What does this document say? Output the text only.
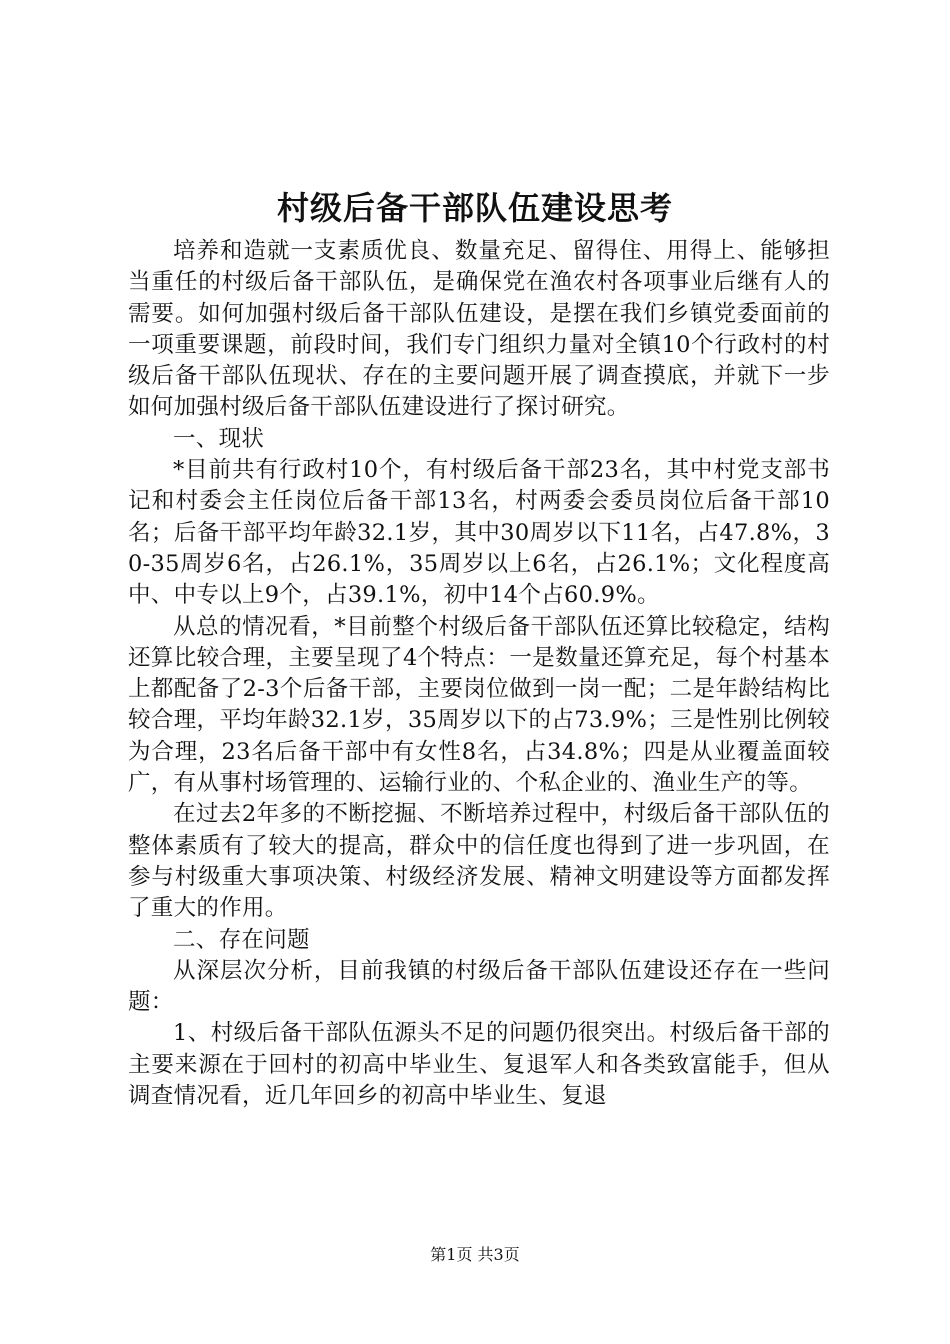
村级后备干部队伍建设思考

培养和造就一支素质优良、数量充足、留得住、用得上、能够担当重任的村级后备干部队伍，是确保党在渔农村各项事业后继有人的需要。如何加强村级后备干部队伍建设，是摆在我们乡镇党委面前的一项重要课题，前段时间，我们专门组织力量对全镇10个行政村的村级后备干部队伍现状、存在的主要问题开展了调查摸底，并就下一步如何加强村级后备干部队伍建设进行了探讨研究。

一、现状

*目前共有行政村10个，有村级后备干部23名，其中村党支部书记和村委会主任岗位后备干部13名，村两委会委员岗位后备干部10名；后备干部平均年龄32.1岁，其中30周岁以下11名，占47.8%，30-35周岁6名，占26.1%，35周岁以上6名，占26.1%；文化程度高中、中专以上9个，占39.1%，初中14个占60.9%。

从总的情况看，*目前整个村级后备干部队伍还算比较稳定，结构还算比较合理，主要呈现了4个特点：一是数量还算充足，每个村基本上都配备了2-3个后备干部，主要岗位做到一岗一配；二是年龄结构比较合理，平均年龄32.1岁，35周岁以下的占73.9%；三是性别比例较为合理，23名后备干部中有女性8名，占34.8%；四是从业覆盖面较广，有从事村场管理的、运输行业的、个私企业的、渔业生产的等。

在过去2年多的不断挖掘、不断培养过程中，村级后备干部队伍的整体素质有了较大的提高，群众中的信任度也得到了进一步巩固，在参与村级重大事项决策、村级经济发展、精神文明建设等方面都发挥了重大的作用。

二、存在问题

从深层次分析，目前我镇的村级后备干部队伍建设还存在一些问题：

1、村级后备干部队伍源头不足的问题仍很突出。村级后备干部的主要来源在于回村的初高中毕业生、复退军人和各类致富能手，但从调查情况看，近几年回乡的初高中毕业生、复退

第1页 共3页
